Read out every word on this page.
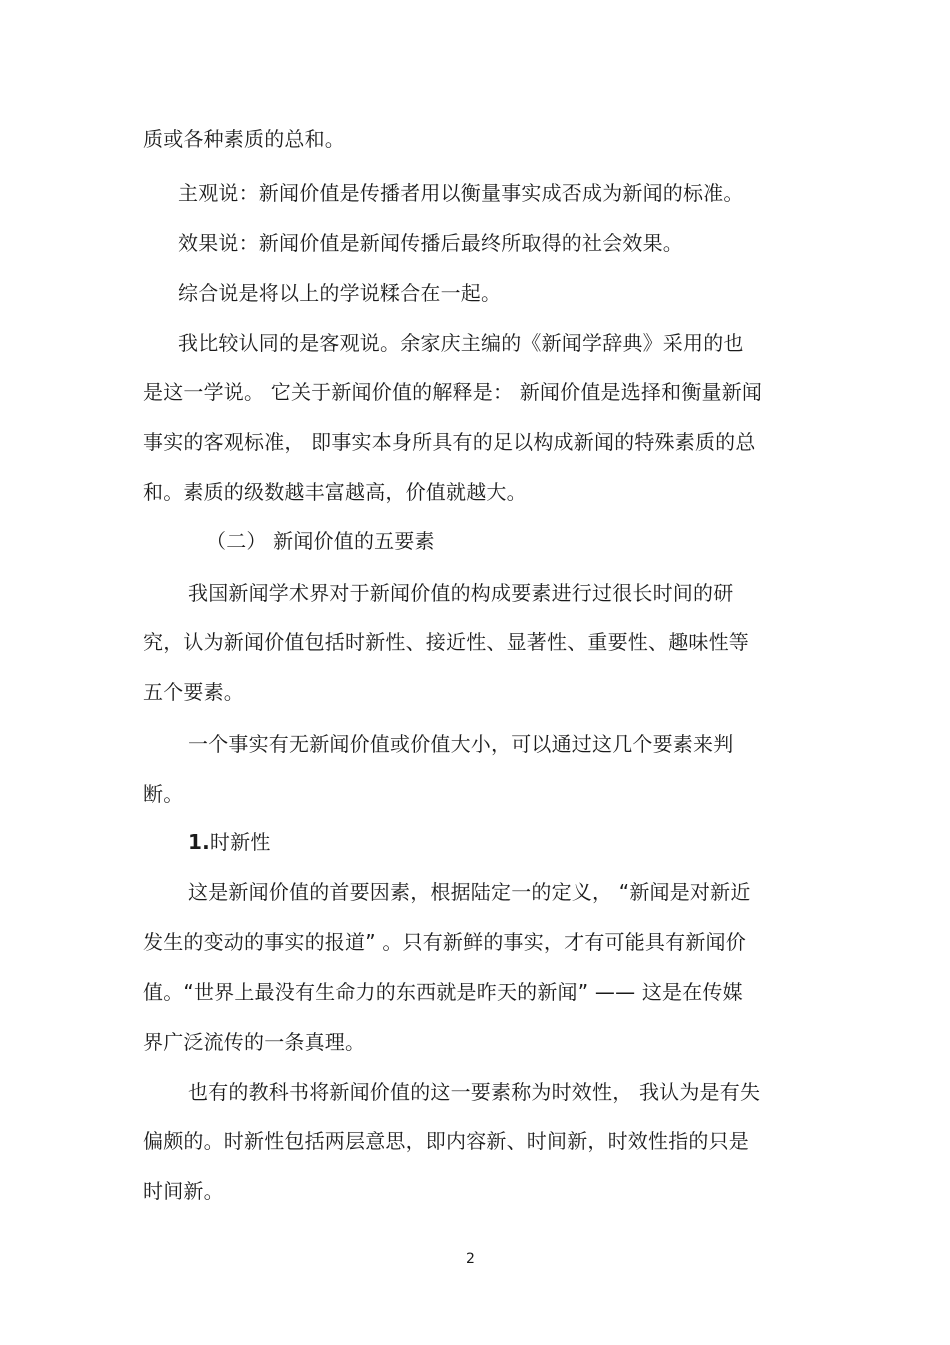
质或各种素质的总和。
主观说：新闻价值是传播者用以衡量事实成否成为新闻的标准。
效果说：新闻价值是新闻传播后最终所取得的社会效果。
综合说是将以上的学说糅合在一起。
我比较认同的是客观说。余家庆主编的《新闻学辞典》采用的也
是这一学说。 它关于新闻价值的解释是： 新闻价值是选择和衡量新闻
事实的客观标准， 即事实本身所具有的足以构成新闻的特殊素质的总
和。素质的级数越丰富越高，价值就越大。
（二） 新闻价值的五要素
我国新闻学术界对于新闻价值的构成要素进行过很长时间的研
究，认为新闻价值包括时新性、接近性、显著性、重要性、趣味性等
五个要素。
一个事实有无新闻价值或价值大小，可以通过这几个要素来判
断。
1.时新性
这是新闻价值的首要因素，根据陆定一的定义， “新闻是对新近
发生的变动的事实的报道” 。只有新鲜的事实，才有可能具有新闻价
值。“世界上最没有生命力的东西就是昨天的新闻” —— 这是在传媒
界广泛流传的一条真理。
也有的教科书将新闻价值的这一要素称为时效性， 我认为是有失
偏颇的。时新性包括两层意思，即内容新、时间新，时效性指的只是
时间新。
2
